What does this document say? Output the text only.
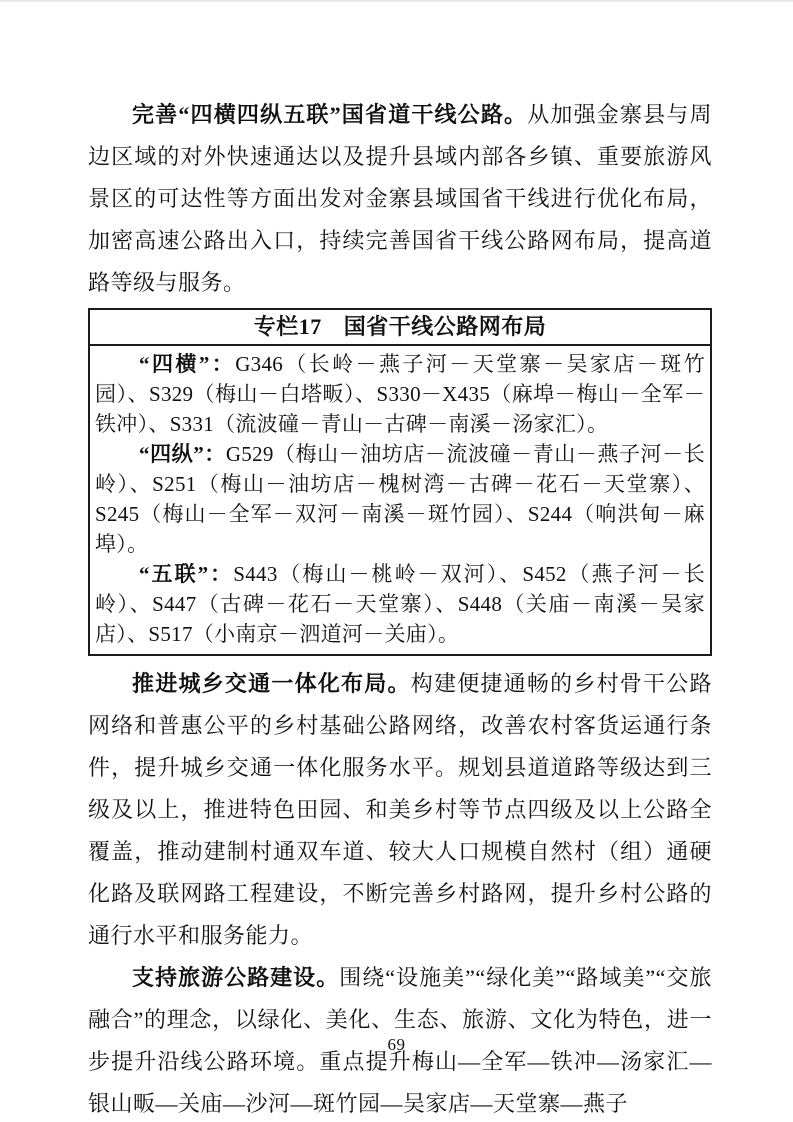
完善“四横四纵五联”国省道干线公路。从加强金寨县与周边区域的对外快速通达以及提升县域内部各乡镇、重要旅游风景区的可达性等方面出发对金寨县域国省干线进行优化布局，加密高速公路出入口，持续完善国省干线公路网布局，提高道路等级与服务。

专栏17 国省干线公路网布局

“四横”：G346（长岭－燕子河－天堂寨－吴家店－斑竹园）、S329（梅山－白塔畈）、S330－X435（麻埠－梅山－全军－铁冲）、S331（流波䃥－青山－古碑－南溪－汤家汇）。

“四纵”：G529（梅山－油坊店－流波䃥－青山－燕子河－长岭）、S251（梅山－油坊店－槐树湾－古碑－花石－天堂寨）、S245（梅山－全军－双河－南溪－斑竹园）、S244（响洪甸－麻埠）。

“五联”：S443（梅山－桃岭－双河）、S452（燕子河－长岭）、S447（古碑－花石－天堂寨）、S448（关庙－南溪－吴家店）、S517（小南京－泗道河－关庙）。

推进城乡交通一体化布局。构建便捷通畅的乡村骨干公路网络和普惠公平的乡村基础公路网络，改善农村客货运通行条件，提升城乡交通一体化服务水平。规划县道道路等级达到三级及以上，推进特色田园、和美乡村等节点四级及以上公路全覆盖，推动建制村通双车道、较大人口规模自然村（组）通硬化路及联网路工程建设，不断完善乡村路网，提升乡村公路的通行水平和服务能力。

支持旅游公路建设。围绕“设施美”“绿化美”“路域美”“交旅融合”的理念，以绿化、美化、生态、旅游、文化为特色，进一步提升沿线公路环境。重点提升梅山—全军—铁冲—汤家汇—银山畈—关庙—沙河—斑竹园—吴家店—天堂寨—燕子

69
